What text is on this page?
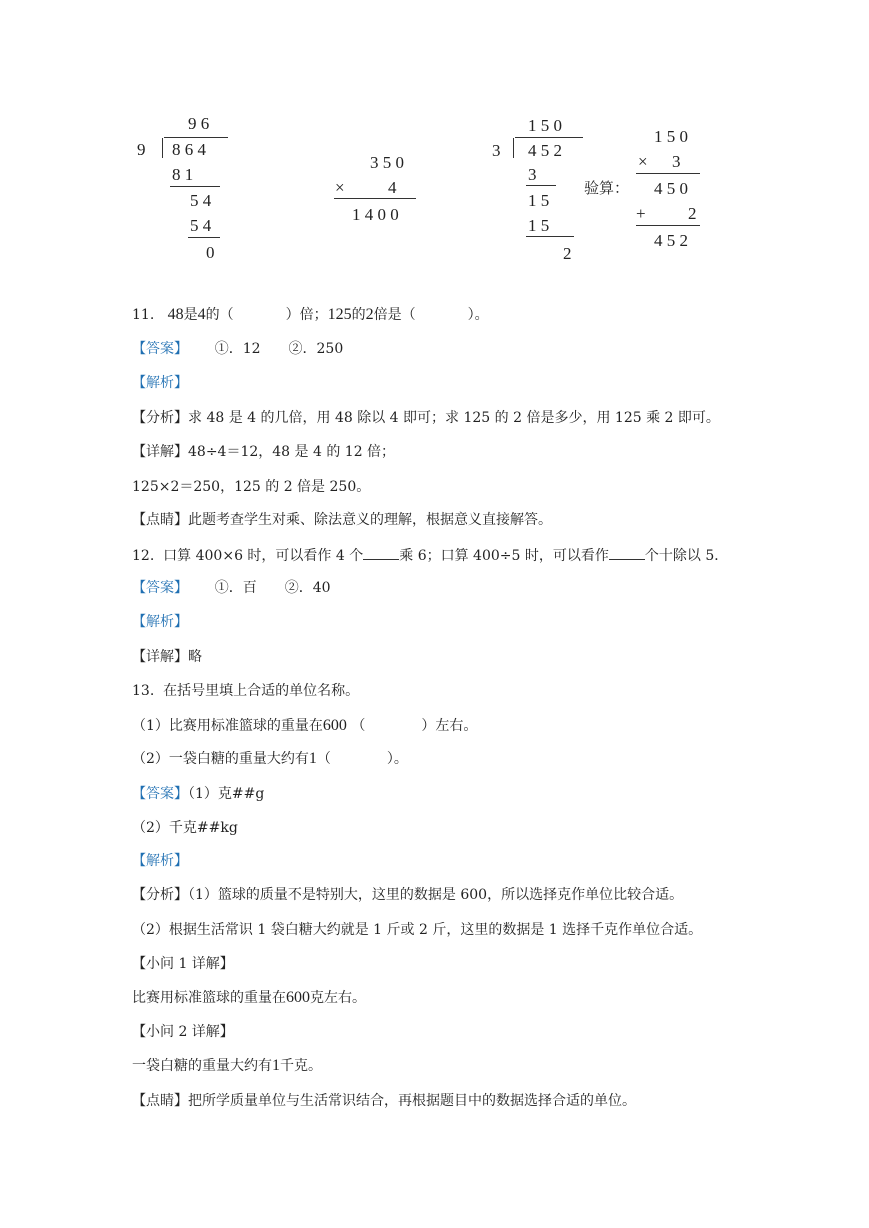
9 6
9 8 6 4
8 1
5 4
5 4
0
3 5 0
×	4
1 4 0 0
1 5 0
3 4 5 2
3
1 5
1 5
2
验算：
1 5 0
× 3
4 5 0
+ 2
4 5 2
11. 48是4的（	）倍；125的2倍是（	）。
【答案】 ①．12　　②．250
【解析】
【分析】求 48 是 4 的几倍，用 48 除以 4 即可；求 125 的 2 倍是多少，用 125 乘 2 即可。
【详解】48÷4＝12，48 是 4 的 12 倍；
125×2＝250，125 的 2 倍是 250。
【点睛】此题考查学生对乘、除法意义的理解，根据意义直接解答。
12. 口算 400×6 时，可以看作 4 个	乘 6；口算 400÷5 时，可以看作	个十除以 5．
【答案】 ①．百　　②．40
【解析】
【详解】略
13. 在括号里填上合适的单位名称。
（1）比赛用标准篮球的重量在600 （	）左右。
（2）一袋白糖的重量大约有1（	）。
【答案】（1）克##g
（2）千克##kg
【解析】
【分析】（1）篮球的质量不是特别大，这里的数据是 600，所以选择克作单位比较合适。
（2）根据生活常识 1 袋白糖大约就是 1 斤或 2 斤，这里的数据是 1 选择千克作单位合适。
【小问 1 详解】
比赛用标准篮球的重量在600克左右。
【小问 2 详解】
一袋白糖的重量大约有1千克。
【点睛】把所学质量单位与生活常识结合，再根据题目中的数据选择合适的单位。
